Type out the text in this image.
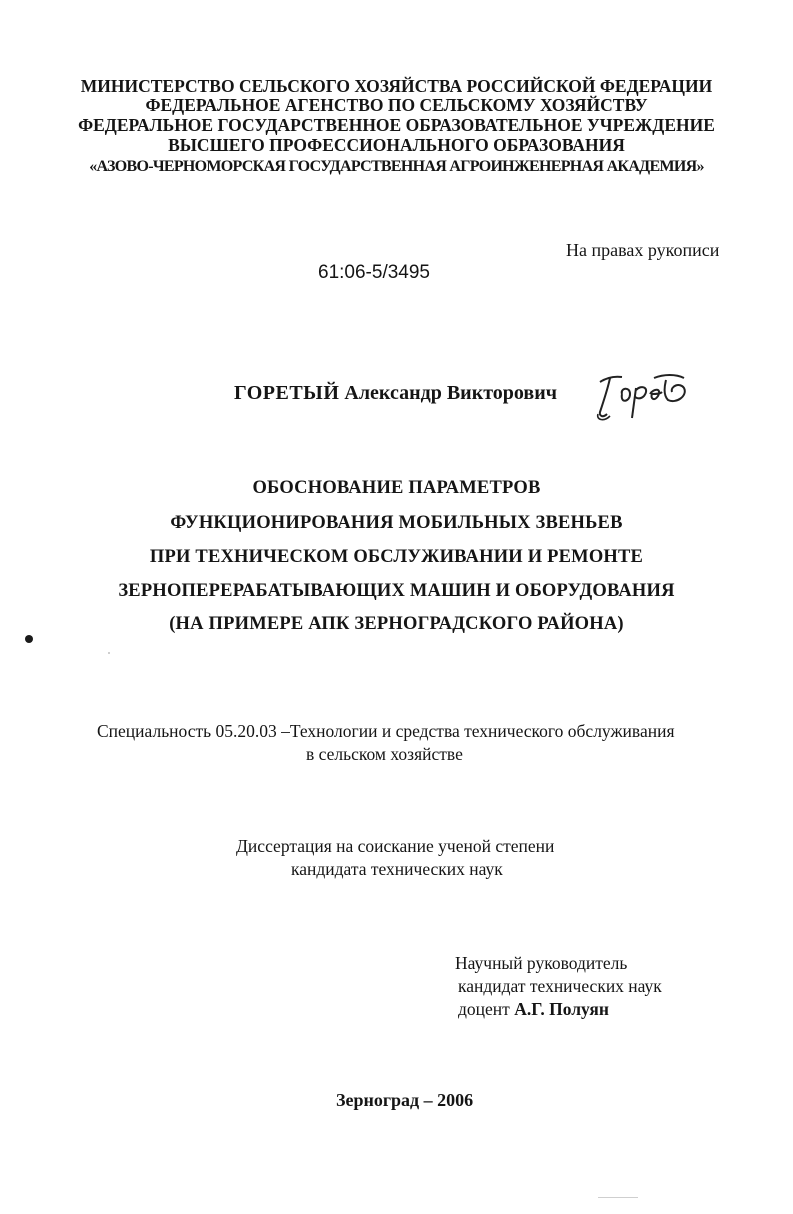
МИНИСТЕРСТВО СЕЛЬСКОГО ХОЗЯЙСТВА РОССИЙСКОЙ ФЕДЕРАЦИИ
ФЕДЕРАЛЬНОЕ АГЕНСТВО ПО СЕЛЬСКОМУ ХОЗЯЙСТВУ
ФЕДЕРАЛЬНОЕ ГОСУДАРСТВЕННОЕ ОБРАЗОВАТЕЛЬНОЕ УЧРЕЖДЕНИЕ
ВЫСШЕГО ПРОФЕССИОНАЛЬНОГО ОБРАЗОВАНИЯ
«АЗОВО-ЧЕРНОМОРСКАЯ ГОСУДАРСТВЕННАЯ АГРОИНЖЕНЕРНАЯ АКАДЕМИЯ»
На правах рукописи
61:06-5/3495
ГОРЕТЫЙ Александр Викторович
ОБОСНОВАНИЕ ПАРАМЕТРОВ
ФУНКЦИОНИРОВАНИЯ МОБИЛЬНЫХ ЗВЕНЬЕВ
ПРИ ТЕХНИЧЕСКОМ ОБСЛУЖИВАНИИ И РЕМОНТЕ
ЗЕРНОПЕРЕРАБАТЫВАЮЩИХ МАШИН И ОБОРУДОВАНИЯ
(НА ПРИМЕРЕ АПК ЗЕРНОГРАДСКОГО РАЙОНА)
Специальность 05.20.03 –Технологии и средства технического обслуживания
в сельском хозяйстве
Диссертация на соискание ученой степени
кандидата технических наук
Научный руководитель
кандидат технических наук
доцент А.Г. Полуян
Зерноград – 2006
